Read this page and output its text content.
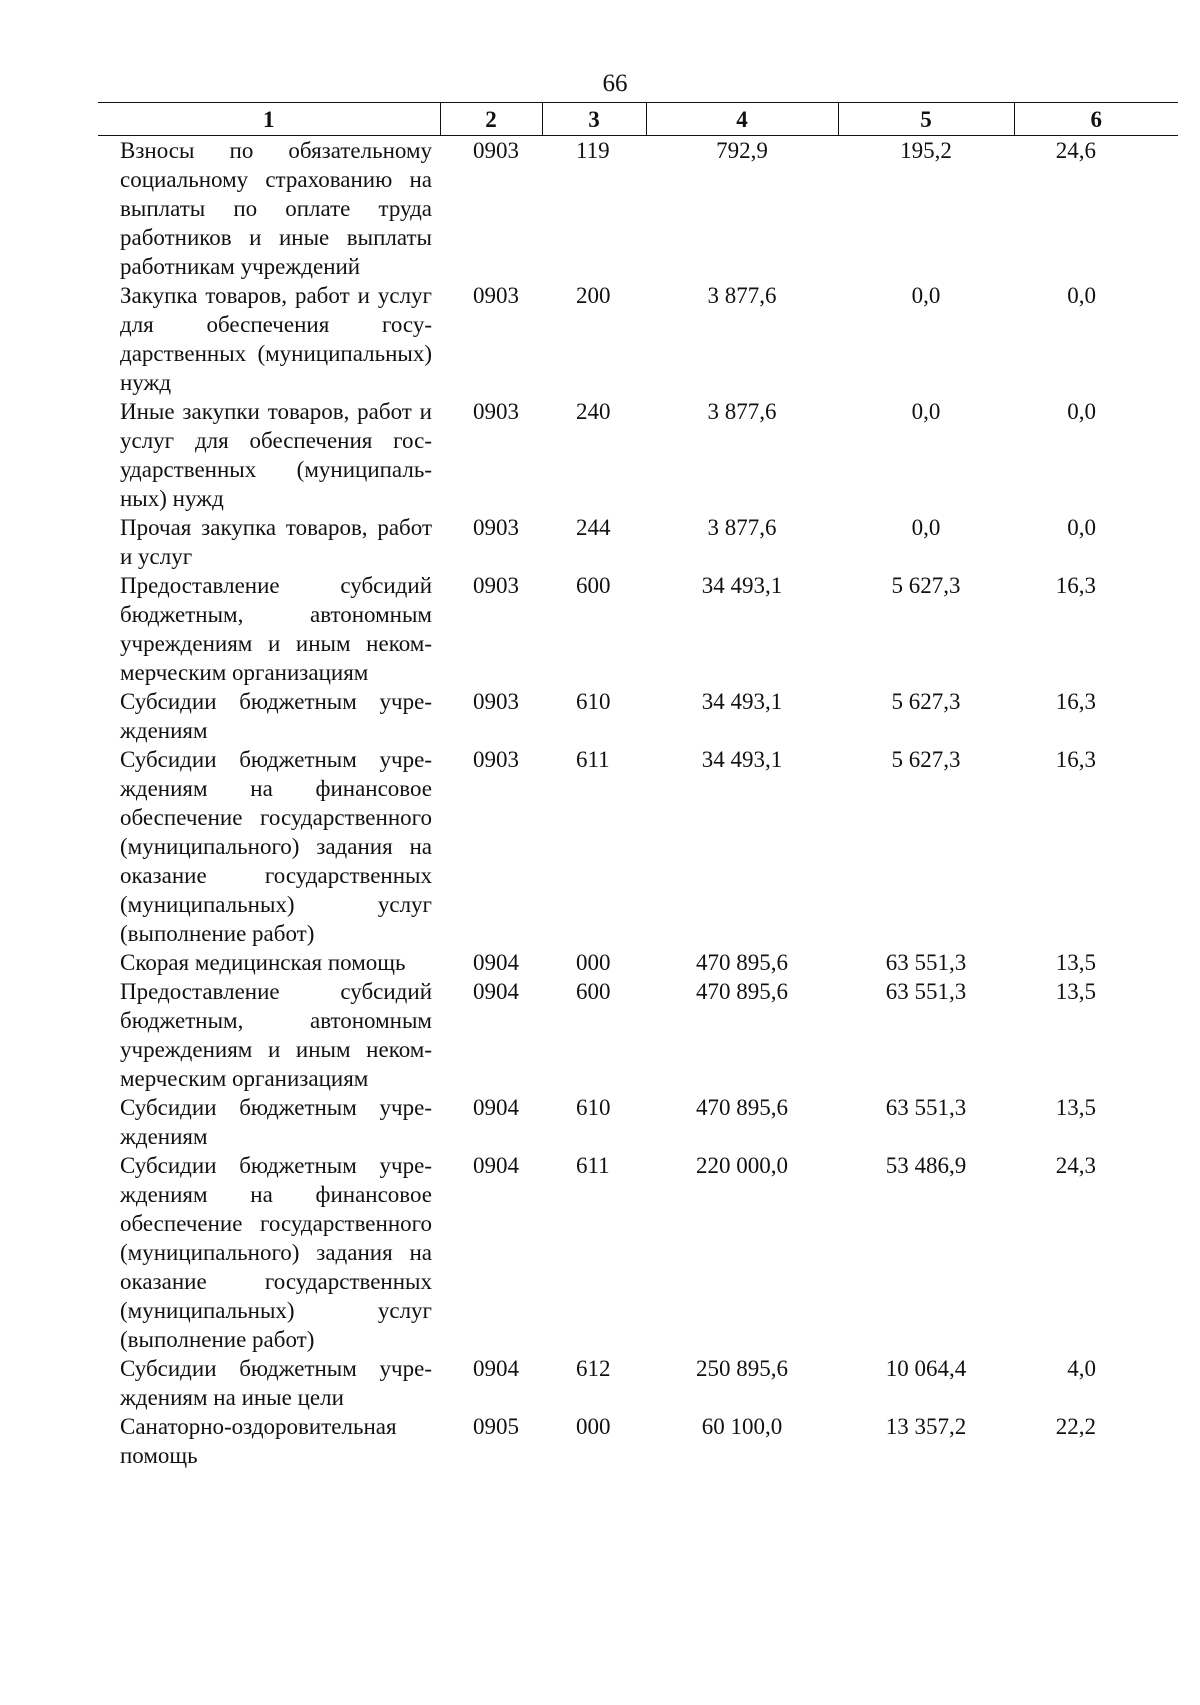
66
1	2	3	4	5	6
Взносы по обязательному социальному страхованию на выплаты по оплате труда работников и иные выплаты работникам учреждений	0903	119	792,9	195,2	24,6
Закупка товаров, работ и услуг для обеспечения государственных (муниципальных) нужд	0903	200	3 877,6	0,0	0,0
Иные закупки товаров, работ и услуг для обеспечения государственных (муниципальных) нужд	0903	240	3 877,6	0,0	0,0
Прочая закупка товаров, работ и услуг	0903	244	3 877,6	0,0	0,0
Предоставление субсидий бюджетным, автономным учреждениям и иным некоммерческим организациям	0903	600	34 493,1	5 627,3	16,3
Субсидии бюджетным учреждениям	0903	610	34 493,1	5 627,3	16,3
Субсидии бюджетным учреждениям на финансовое обеспечение государственного (муниципального) задания на оказание государственных (муниципальных) услуг (выполнение работ)	0903	611	34 493,1	5 627,3	16,3
Скорая медицинская помощь	0904	000	470 895,6	63 551,3	13,5
Предоставление субсидий бюджетным, автономным учреждениям и иным некоммерческим организациям	0904	600	470 895,6	63 551,3	13,5
Субсидии бюджетным учреждениям	0904	610	470 895,6	63 551,3	13,5
Субсидии бюджетным учреждениям на финансовое обеспечение государственного (муниципального) задания на оказание государственных (муниципальных) услуг (выполнение работ)	0904	611	220 000,0	53 486,9	24,3
Субсидии бюджетным учреждениям на иные цели	0904	612	250 895,6	10 064,4	4,0
Санаторно-оздоровительная помощь	0905	000	60 100,0	13 357,2	22,2
